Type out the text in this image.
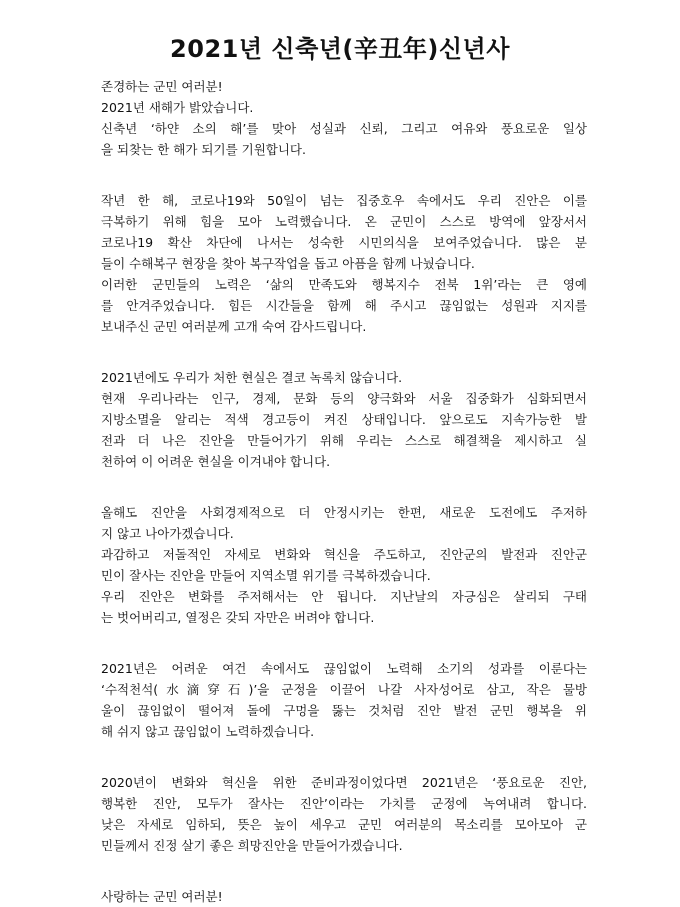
2021년 신축년(辛丑年)신년사
존경하는 군민 여러분!
2021년 새해가 밝았습니다.
신축년 ‘하얀 소의 해’를 맞아 성실과 신뢰, 그리고 여유와 풍요로운 일상
을 되찾는 한 해가 되기를 기원합니다.
작년 한 해, 코로나19와 50일이 넘는 집중호우 속에서도 우리 진안은 이를
극복하기 위해 힘을 모아 노력했습니다. 온 군민이 스스로 방역에 앞장서서
코로나19 확산 차단에 나서는 성숙한 시민의식을 보여주었습니다. 많은 분
들이 수해복구 현장을 찾아 복구작업을 돕고 아픔을 함께 나눴습니다.
이러한 군민들의 노력은 ‘삶의 만족도와 행복지수 전북 1위’라는 큰 영예
를 안겨주었습니다. 힘든 시간들을 함께 해 주시고 끊임없는 성원과 지지를
보내주신 군민 여러분께 고개 숙여 감사드립니다.
2021년에도 우리가 처한 현실은 결코 녹록치 않습니다.
현재 우리나라는 인구, 경제, 문화 등의 양극화와 서울 집중화가 심화되면서
지방소멸을 알리는 적색 경고등이 켜진 상태입니다. 앞으로도 지속가능한 발
전과 더 나은 진안을 만들어가기 위해 우리는 스스로 해결책을 제시하고 실
천하여 이 어려운 현실을 이겨내야 합니다.
올해도 진안을 사회경제적으로 더 안정시키는 한편, 새로운 도전에도 주저하
지 않고 나아가겠습니다.
과감하고 저돌적인 자세로 변화와 혁신을 주도하고, 진안군의 발전과 진안군
민이 잘사는 진안을 만들어 지역소멸 위기를 극복하겠습니다.
우리 진안은 변화를 주저해서는 안 됩니다. 지난날의 자긍심은 살리되 구태
는 벗어버리고, 열정은 갖되 자만은 버려야 합니다.
2021년은 어려운 여건 속에서도 끊임없이 노력해 소기의 성과를 이룬다는
‘수적천석(水滴穿石)’을 군정을 이끌어 나갈 사자성어로 삼고, 작은 물방
울이 끊임없이 떨어져 돌에 구멍을 뚫는 것처럼 진안 발전 군민 행복을 위
해 쉬지 않고 끊임없이 노력하겠습니다.
2020년이 변화와 혁신을 위한 준비과정이었다면 2021년은 ‘풍요로운 진안,
행복한 진안, 모두가 잘사는 진안’이라는 가치를 군정에 녹여내려 합니다.
낮은 자세로 임하되, 뜻은 높이 세우고 군민 여러분의 목소리를 모아모아 군
민들께서 진정 살기 좋은 희망진안을 만들어가겠습니다.
사랑하는 군민 여러분!
